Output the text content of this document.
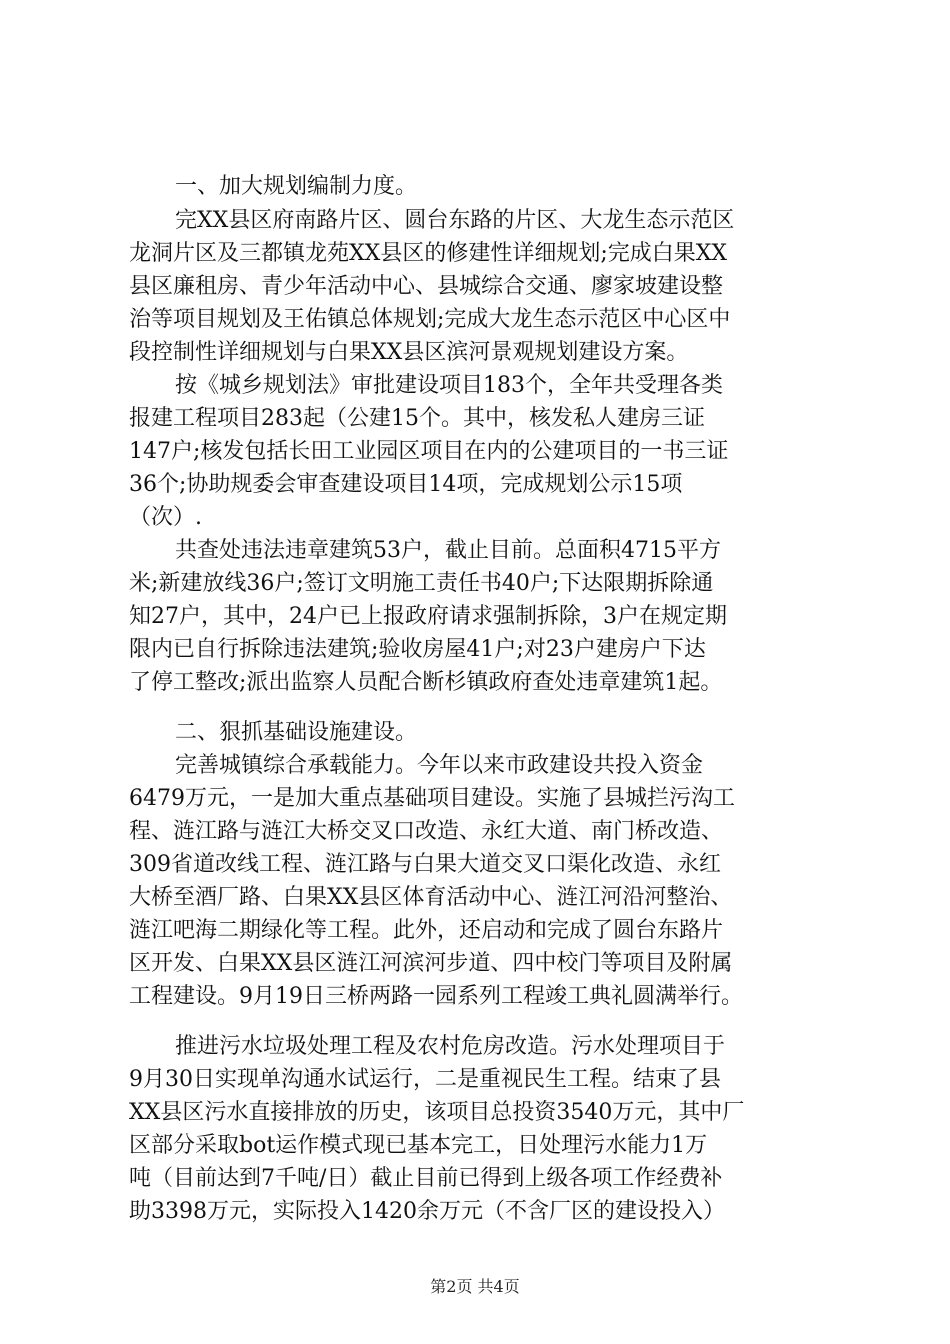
一、加大规划编制力度。

完XX县区府南路片区、圆台东路的片区、大龙生态示范区
龙洞片区及三都镇龙苑XX县区的修建性详细规划;完成白果XX
县区廉租房、青少年活动中心、县城综合交通、廖家坡建设整
治等项目规划及王佑镇总体规划;完成大龙生态示范区中心区中
段控制性详细规划与白果XX县区滨河景观规划建设方案。
按《城乡规划法》审批建设项目183个，全年共受理各类
报建工程项目283起（公建15个。其中，核发私人建房三证
147户;核发包括长田工业园区项目在内的公建项目的一书三证
36个;协助规委会审查建设项目14项，完成规划公示15项
（次）.
共查处违法违章建筑53户，截止目前。总面积4715平方
米;新建放线36户;签订文明施工责任书40户;下达限期拆除通
知27户，其中，24户已上报政府请求强制拆除，3户在规定期
限内已自行拆除违法建筑;验收房屋41户;对23户建房户下达
了停工整改;派出监察人员配合断杉镇政府查处违章建筑1起。

二、狠抓基础设施建设。

完善城镇综合承载能力。今年以来市政建设共投入资金
6479万元，一是加大重点基础项目建设。实施了县城拦污沟工
程、涟江路与涟江大桥交叉口改造、永红大道、南门桥改造、
309省道改线工程、涟江路与白果大道交叉口渠化改造、永红
大桥至酒厂路、白果XX县区体育活动中心、涟江河沿河整治、
涟江吧海二期绿化等工程。此外，还启动和完成了圆台东路片
区开发、白果XX县区涟江河滨河步道、四中校门等项目及附属
工程建设。9月19日三桥两路一园系列工程竣工典礼圆满举行。
推进污水垃圾处理工程及农村危房改造。污水处理项目于
9月30日实现单沟通水试运行，二是重视民生工程。结束了县
XX县区污水直接排放的历史，该项目总投资3540万元，其中厂
区部分采取bot运作模式现已基本完工，日处理污水能力1万
吨（目前达到7千吨/日）截止目前已得到上级各项工作经费补
助3398万元，实际投入1420余万元（不含厂区的建设投入）
第2页 共4页
